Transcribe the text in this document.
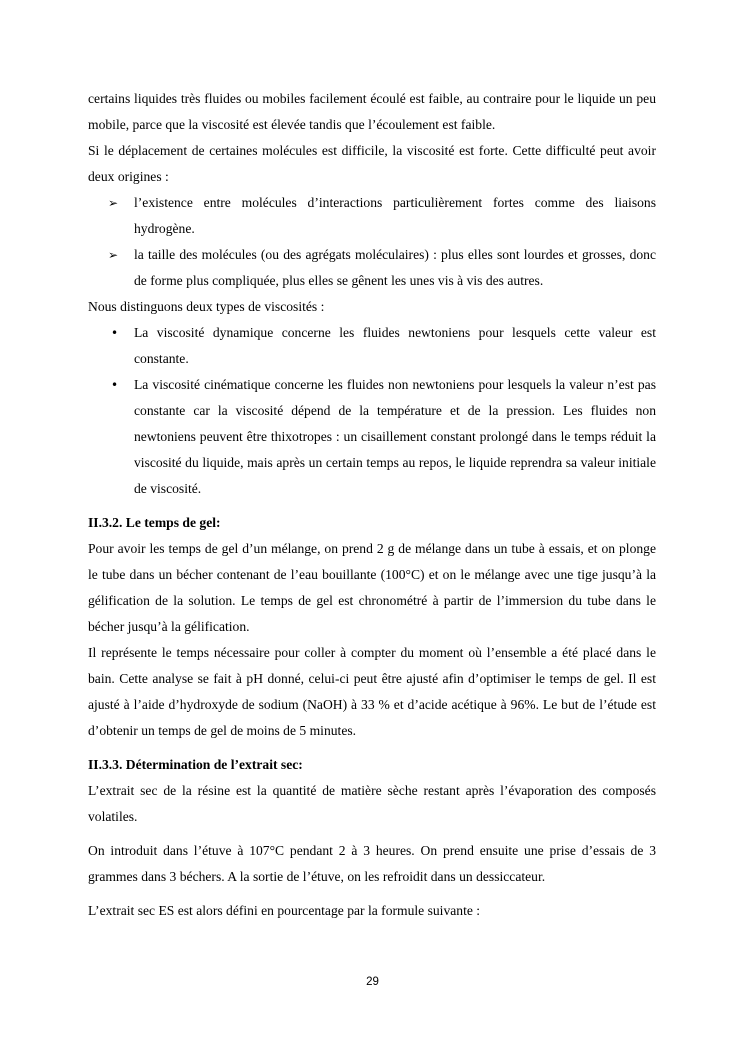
certains liquides très fluides ou mobiles facilement écoulé est faible, au contraire pour le liquide un peu mobile, parce que la viscosité est élevée tandis que l’écoulement est faible.

Si le déplacement de certaines molécules est difficile, la viscosité est forte. Cette difficulté peut avoir deux origines :

➢	l’existence entre molécules d’interactions particulièrement fortes comme des liaisons hydrogène.
➢	la taille des molécules (ou des agrégats moléculaires) : plus elles sont lourdes et grosses, donc de forme plus compliquée, plus elles se gênent les unes vis à vis des autres.

Nous distinguons deux types de viscosités :

•	La viscosité dynamique concerne les fluides newtoniens pour lesquels cette valeur est constante.
•	La viscosité cinématique concerne les fluides non newtoniens pour lesquels la valeur n’est pas constante car la viscosité dépend de la température et de la pression. Les fluides non newtoniens peuvent être thixotropes : un cisaillement constant prolongé dans le temps réduit la viscosité du liquide, mais après un certain temps au repos, le liquide reprendra sa valeur initiale de viscosité.

II.3.2. Le temps de gel:

Pour avoir les temps de gel d’un mélange, on prend 2 g de mélange dans un tube à essais, et on plonge le tube dans un bécher contenant de l’eau bouillante (100°C) et on le mélange avec une tige jusqu’à la gélification de la solution. Le temps de gel est chronométré à partir de l’immersion du tube dans le bécher jusqu’à la gélification.

Il représente le temps nécessaire pour coller à compter du moment où l’ensemble a été placé dans le bain. Cette analyse se fait à pH donné, celui-ci peut être ajusté afin d’optimiser le temps de gel. Il est ajusté à l’aide d’hydroxyde de sodium (NaOH) à 33 % et d’acide acétique à 96%. Le but de l’étude est d’obtenir un temps de gel de moins de 5 minutes.

II.3.3. Détermination de l’extrait sec:

L’extrait sec de la résine est la quantité de matière sèche restant après l’évaporation des composés volatiles.

On introduit dans l’étuve à 107°C pendant 2 à 3 heures. On prend ensuite une prise d’essais de 3 grammes dans 3 béchers. A la sortie de l’étuve, on les refroidit dans un dessiccateur.

L’extrait sec ES est alors défini en pourcentage par la formule suivante :

29
